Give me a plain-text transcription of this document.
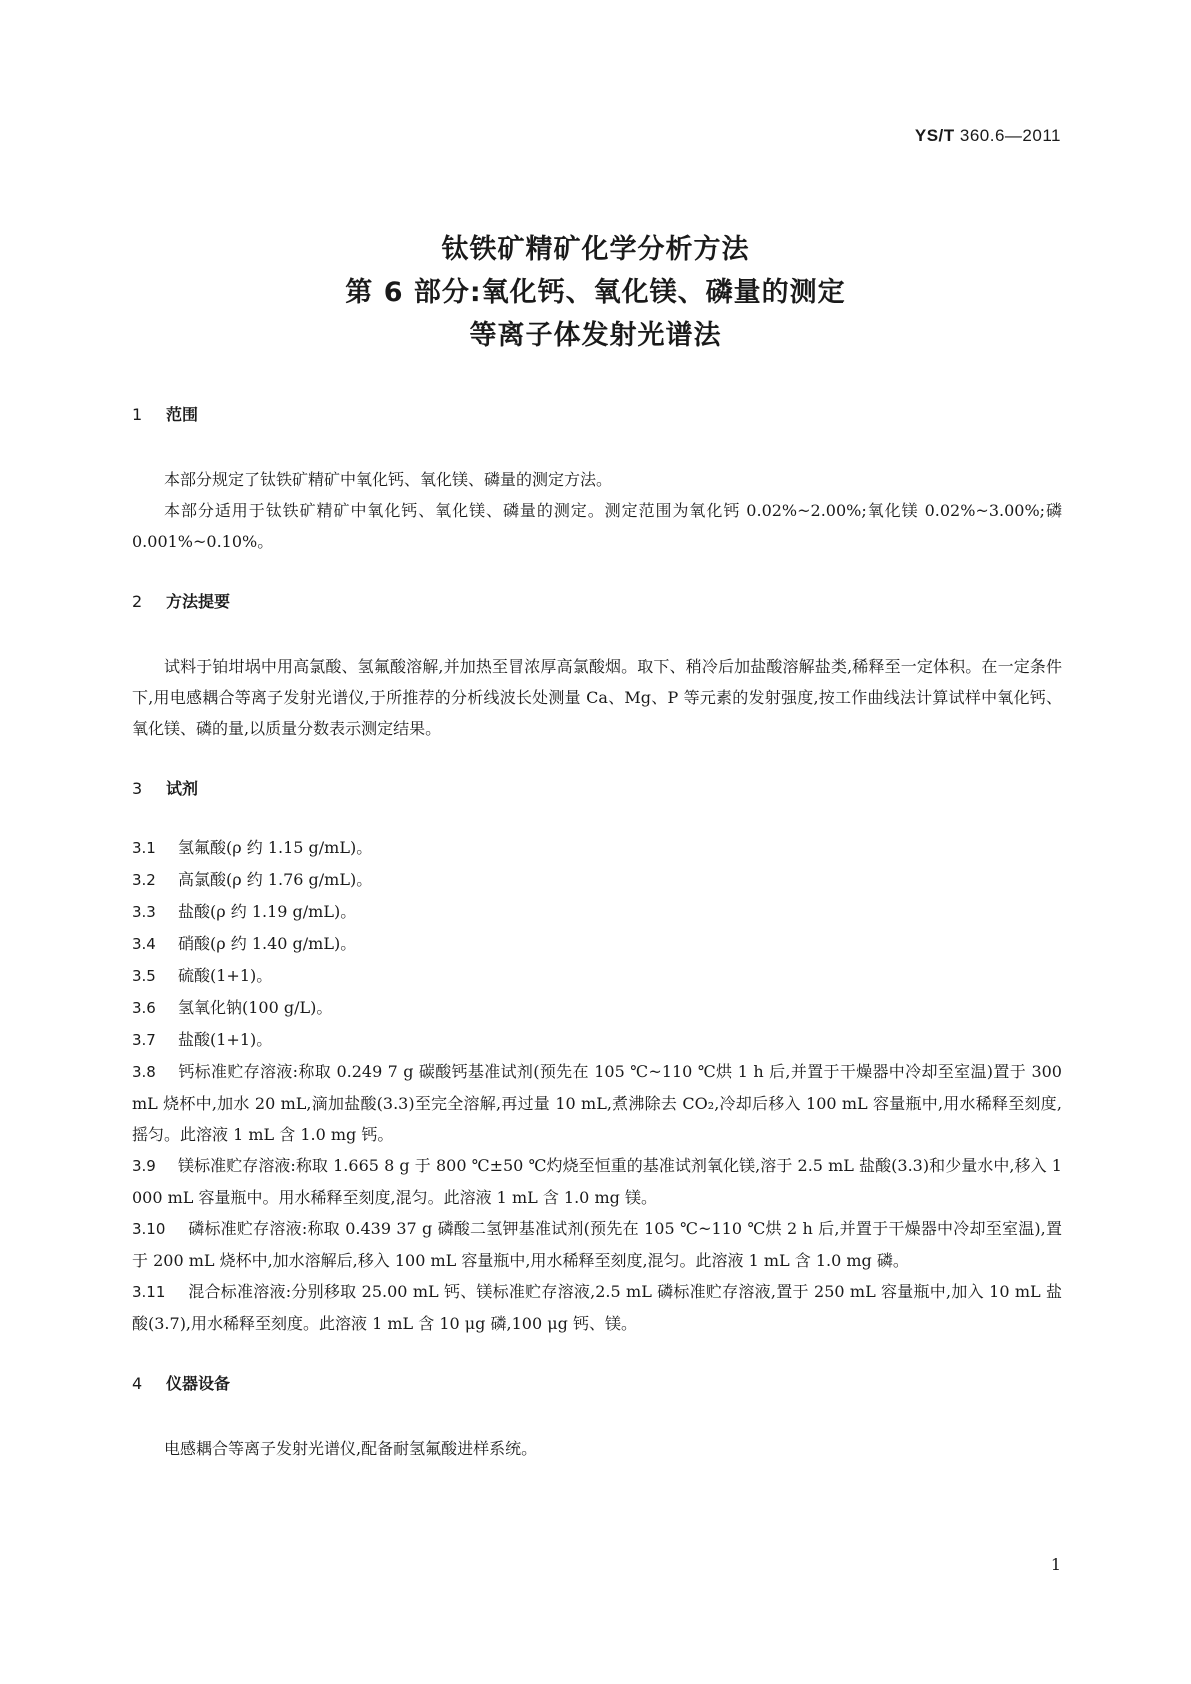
YS/T 360.6—2011
钛铁矿精矿化学分析方法
第 6 部分:氧化钙、氧化镁、磷量的测定
等离子体发射光谱法
1 范围

本部分规定了钛铁矿精矿中氧化钙、氧化镁、磷量的测定方法。

本部分适用于钛铁矿精矿中氧化钙、氧化镁、磷量的测定。测定范围为氧化钙 0.02%~2.00%;氧化镁 0.02%~3.00%;磷 0.001%~0.10%。

2 方法提要

试料于铂坩埚中用高氯酸、氢氟酸溶解,并加热至冒浓厚高氯酸烟。取下、稍冷后加盐酸溶解盐类,稀释至一定体积。在一定条件下,用电感耦合等离子发射光谱仪,于所推荐的分析线波长处测量 Ca、Mg、P 等元素的发射强度,按工作曲线法计算试样中氧化钙、氧化镁、磷的量,以质量分数表示测定结果。

3 试剂

3.1 氢氟酸(ρ 约 1.15 g/mL)。

3.2 高氯酸(ρ 约 1.76 g/mL)。

3.3 盐酸(ρ 约 1.19 g/mL)。

3.4 硝酸(ρ 约 1.40 g/mL)。

3.5 硫酸(1+1)。

3.6 氢氧化钠(100 g/L)。

3.7 盐酸(1+1)。

3.8 钙标准贮存溶液:称取 0.249 7 g 碳酸钙基准试剂(预先在 105 ℃~110 ℃烘 1 h 后,并置于干燥器中冷却至室温)置于 300 mL 烧杯中,加水 20 mL,滴加盐酸(3.3)至完全溶解,再过量 10 mL,煮沸除去 CO₂,冷却后移入 100 mL 容量瓶中,用水稀释至刻度,摇匀。此溶液 1 mL 含 1.0 mg 钙。

3.9 镁标准贮存溶液:称取 1.665 8 g 于 800 ℃±50 ℃灼烧至恒重的基准试剂氧化镁,溶于 2.5 mL 盐酸(3.3)和少量水中,移入 1 000 mL 容量瓶中。用水稀释至刻度,混匀。此溶液 1 mL 含 1.0 mg 镁。

3.10 磷标准贮存溶液:称取 0.439 37 g 磷酸二氢钾基准试剂(预先在 105 ℃~110 ℃烘 2 h 后,并置于干燥器中冷却至室温),置于 200 mL 烧杯中,加水溶解后,移入 100 mL 容量瓶中,用水稀释至刻度,混匀。此溶液 1 mL 含 1.0 mg 磷。

3.11 混合标准溶液:分别移取 25.00 mL 钙、镁标准贮存溶液,2.5 mL 磷标准贮存溶液,置于 250 mL 容量瓶中,加入 10 mL 盐酸(3.7),用水稀释至刻度。此溶液 1 mL 含 10 μg 磷,100 μg 钙、镁。

4 仪器设备

电感耦合等离子发射光谱仪,配备耐氢氟酸进样系统。

1
